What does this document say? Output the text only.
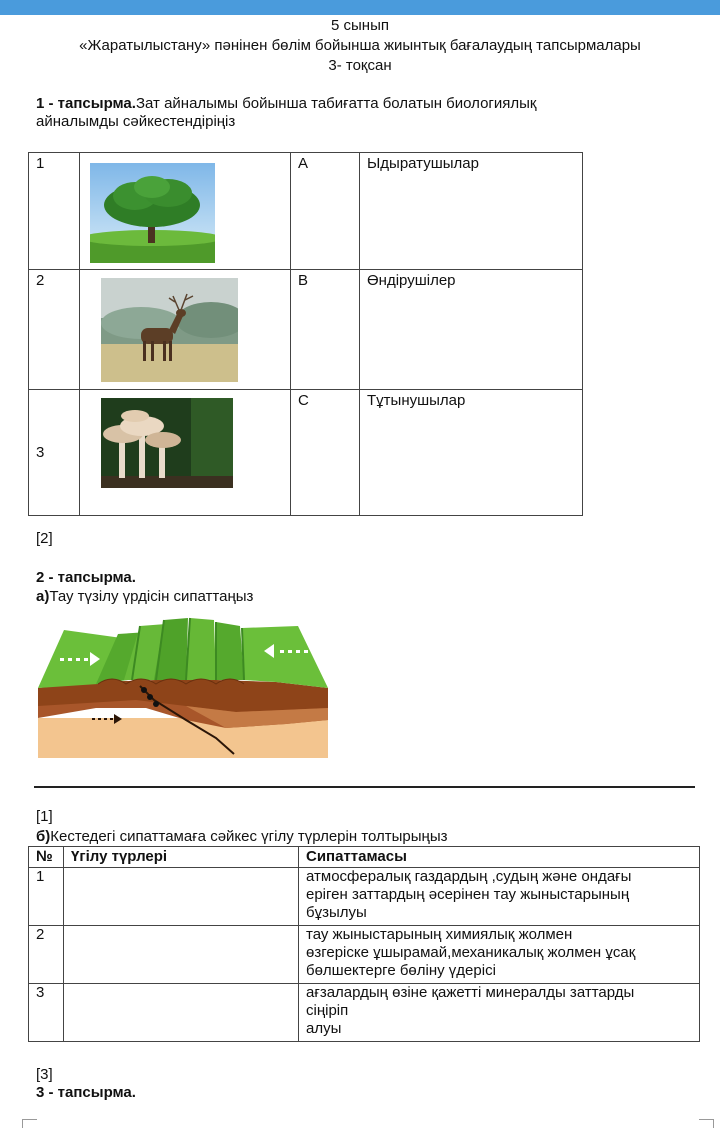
5 сынып
«Жаратылыстану» пәнінен бөлім бойынша жиынтық бағалаудың тапсырмалары
3- тоқсан
1 - тапсырма.Зат айналымы бойынша табиғатта болатын биологиялық
айналымды сәйкестендіріңіз
1		A	Ыдыратушылар
2		B	Өндірушілер
3		C	Тұтынушылар
[2]
2 - тапсырма.
а)Тау түзілу үрдісін сипаттаңыз
[1]
б)Кестедегі сипаттамаға сәйкес үгілу түрлерін толтырыңыз
№	Үгілу түрлері	Сипаттамасы
1		атмосфералық газдардың ,судың және ондағы
еріген заттардың әсерінен тау жыныстарының
бұзылуы

2		тау жыныстарының химиялық жолмен
өзгеріске ұшырамай,механикалық жолмен ұсақ
бөлшектерге бөліну үдерісі

3		ағзалардың өзіне қажетті минералды заттарды
сіңіріп
алуы
[3]
3 - тапсырма.
